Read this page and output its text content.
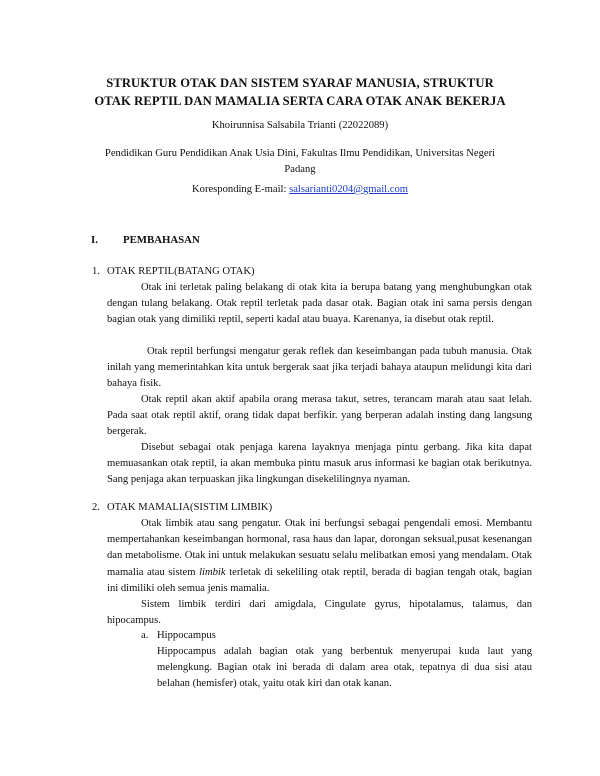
STRUKTUR OTAK DAN SISTEM SYARAF MANUSIA, STRUKTUR
OTAK REPTIL DAN MAMALIA SERTA CARA OTAK ANAK BEKERJA
Khoirunnisa Salsabila Trianti (22022089)
Pendidikan Guru Pendidikan Anak Usia Dini, Fakultas Ilmu Pendidikan, Universitas Negeri
Padang
Koresponding E-mail: salsarianti0204@gmail.com
I. PEMBAHASAN
1. OTAK REPTIL(BATANG OTAK)
Otak ini terletak paling belakang di otak kita ia berupa batang yang menghubungkan otak dengan tulang belakang. Otak reptil terletak pada dasar otak. Bagian otak ini sama persis dengan bagian otak yang dimiliki reptil, seperti kadal atau buaya. Karenanya, ia disebut otak reptil.
Otak reptil berfungsi mengatur gerak reflek dan keseimbangan pada tubuh manusia. Otak inilah yang memerintahkan kita untuk bergerak saat jika terjadi bahaya ataupun melidungi kita dari bahaya fisik.
Otak reptil akan aktif apabila orang merasa takut, setres, terancam marah atau saat lelah. Pada saat otak reptil aktif, orang tidak dapat berfikir. yang berperan adalah insting dang langsung bergerak.
Disebut sebagai otak penjaga karena layaknya menjaga pintu gerbang. Jika kita dapat memuasankan otak reptil, ia akan membuka pintu masuk arus informasi ke bagian otak berikutnya. Sang penjaga akan terpuaskan jika lingkungan disekelilingnya nyaman.
2. OTAK MAMALIA(SISTIM LIMBIK)
Otak limbik atau sang pengatur. Otak ini berfungsi sebagai pengendali emosi. Membantu mempertahankan keseimbangan hormonal, rasa haus dan lapar, dorongan seksual,pusat kesenangan dan metabolisme. Otak ini untuk melakukan sesuatu selalu melibatkan emosi yang mendalam. Otak mamalia atau sistem limbik terletak di sekeliling otak reptil, berada di bagian tengah otak, bagian ini dimiliki oleh semua jenis mamalia.
Sistem limbik terdiri dari amigdala, Cingulate gyrus, hipotalamus, talamus, dan hipocampus.
a. Hippocampus
Hippocampus adalah bagian otak yang berbentuk menyerupai kuda laut yang melengkung. Bagian otak ini berada di dalam area otak, tepatnya di dua sisi atau belahan (hemisfer) otak, yaitu otak kiri dan otak kanan.
